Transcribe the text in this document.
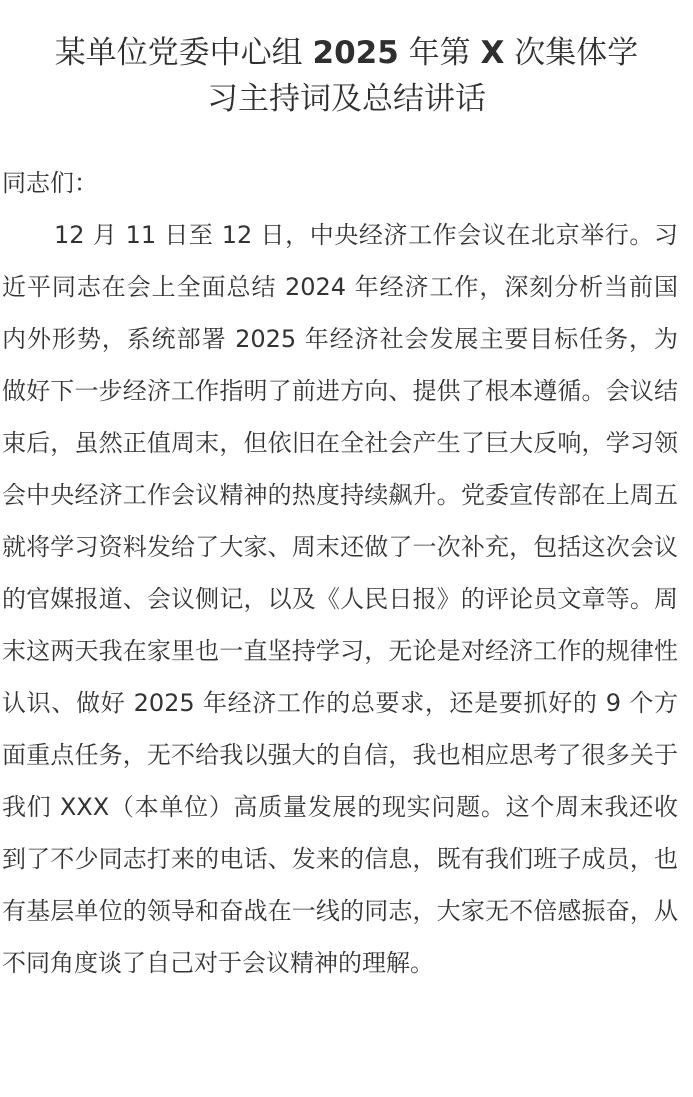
某单位党委中心组 2025 年第 X 次集体学
习主持词及总结讲话

同志们：

12 月 11 日至 12 日，中央经济工作会议在北京举行。习近平同志在会上全面总结 2024 年经济工作，深刻分析当前国内外形势，系统部署 2025 年经济社会发展主要目标任务，为做好下一步经济工作指明了前进方向、提供了根本遵循。会议结束后，虽然正值周末，但依旧在全社会产生了巨大反响，学习领会中央经济工作会议精神的热度持续飙升。党委宣传部在上周五就将学习资料发给了大家、周末还做了一次补充，包括这次会议的官媒报道、会议侧记，以及《人民日报》的评论员文章等。周末这两天我在家里也一直坚持学习，无论是对经济工作的规律性认识、做好 2025 年经济工作的总要求，还是要抓好的 9 个方面重点任务，无不给我以强大的自信，我也相应思考了很多关于我们 XXX（本单位）高质量发展的现实问题。这个周末我还收到了不少同志打来的电话、发来的信息，既有我们班子成员，也有基层单位的领导和奋战在一线的同志，大家无不倍感振奋，从不同角度谈了自己对于会议精神的理解。
